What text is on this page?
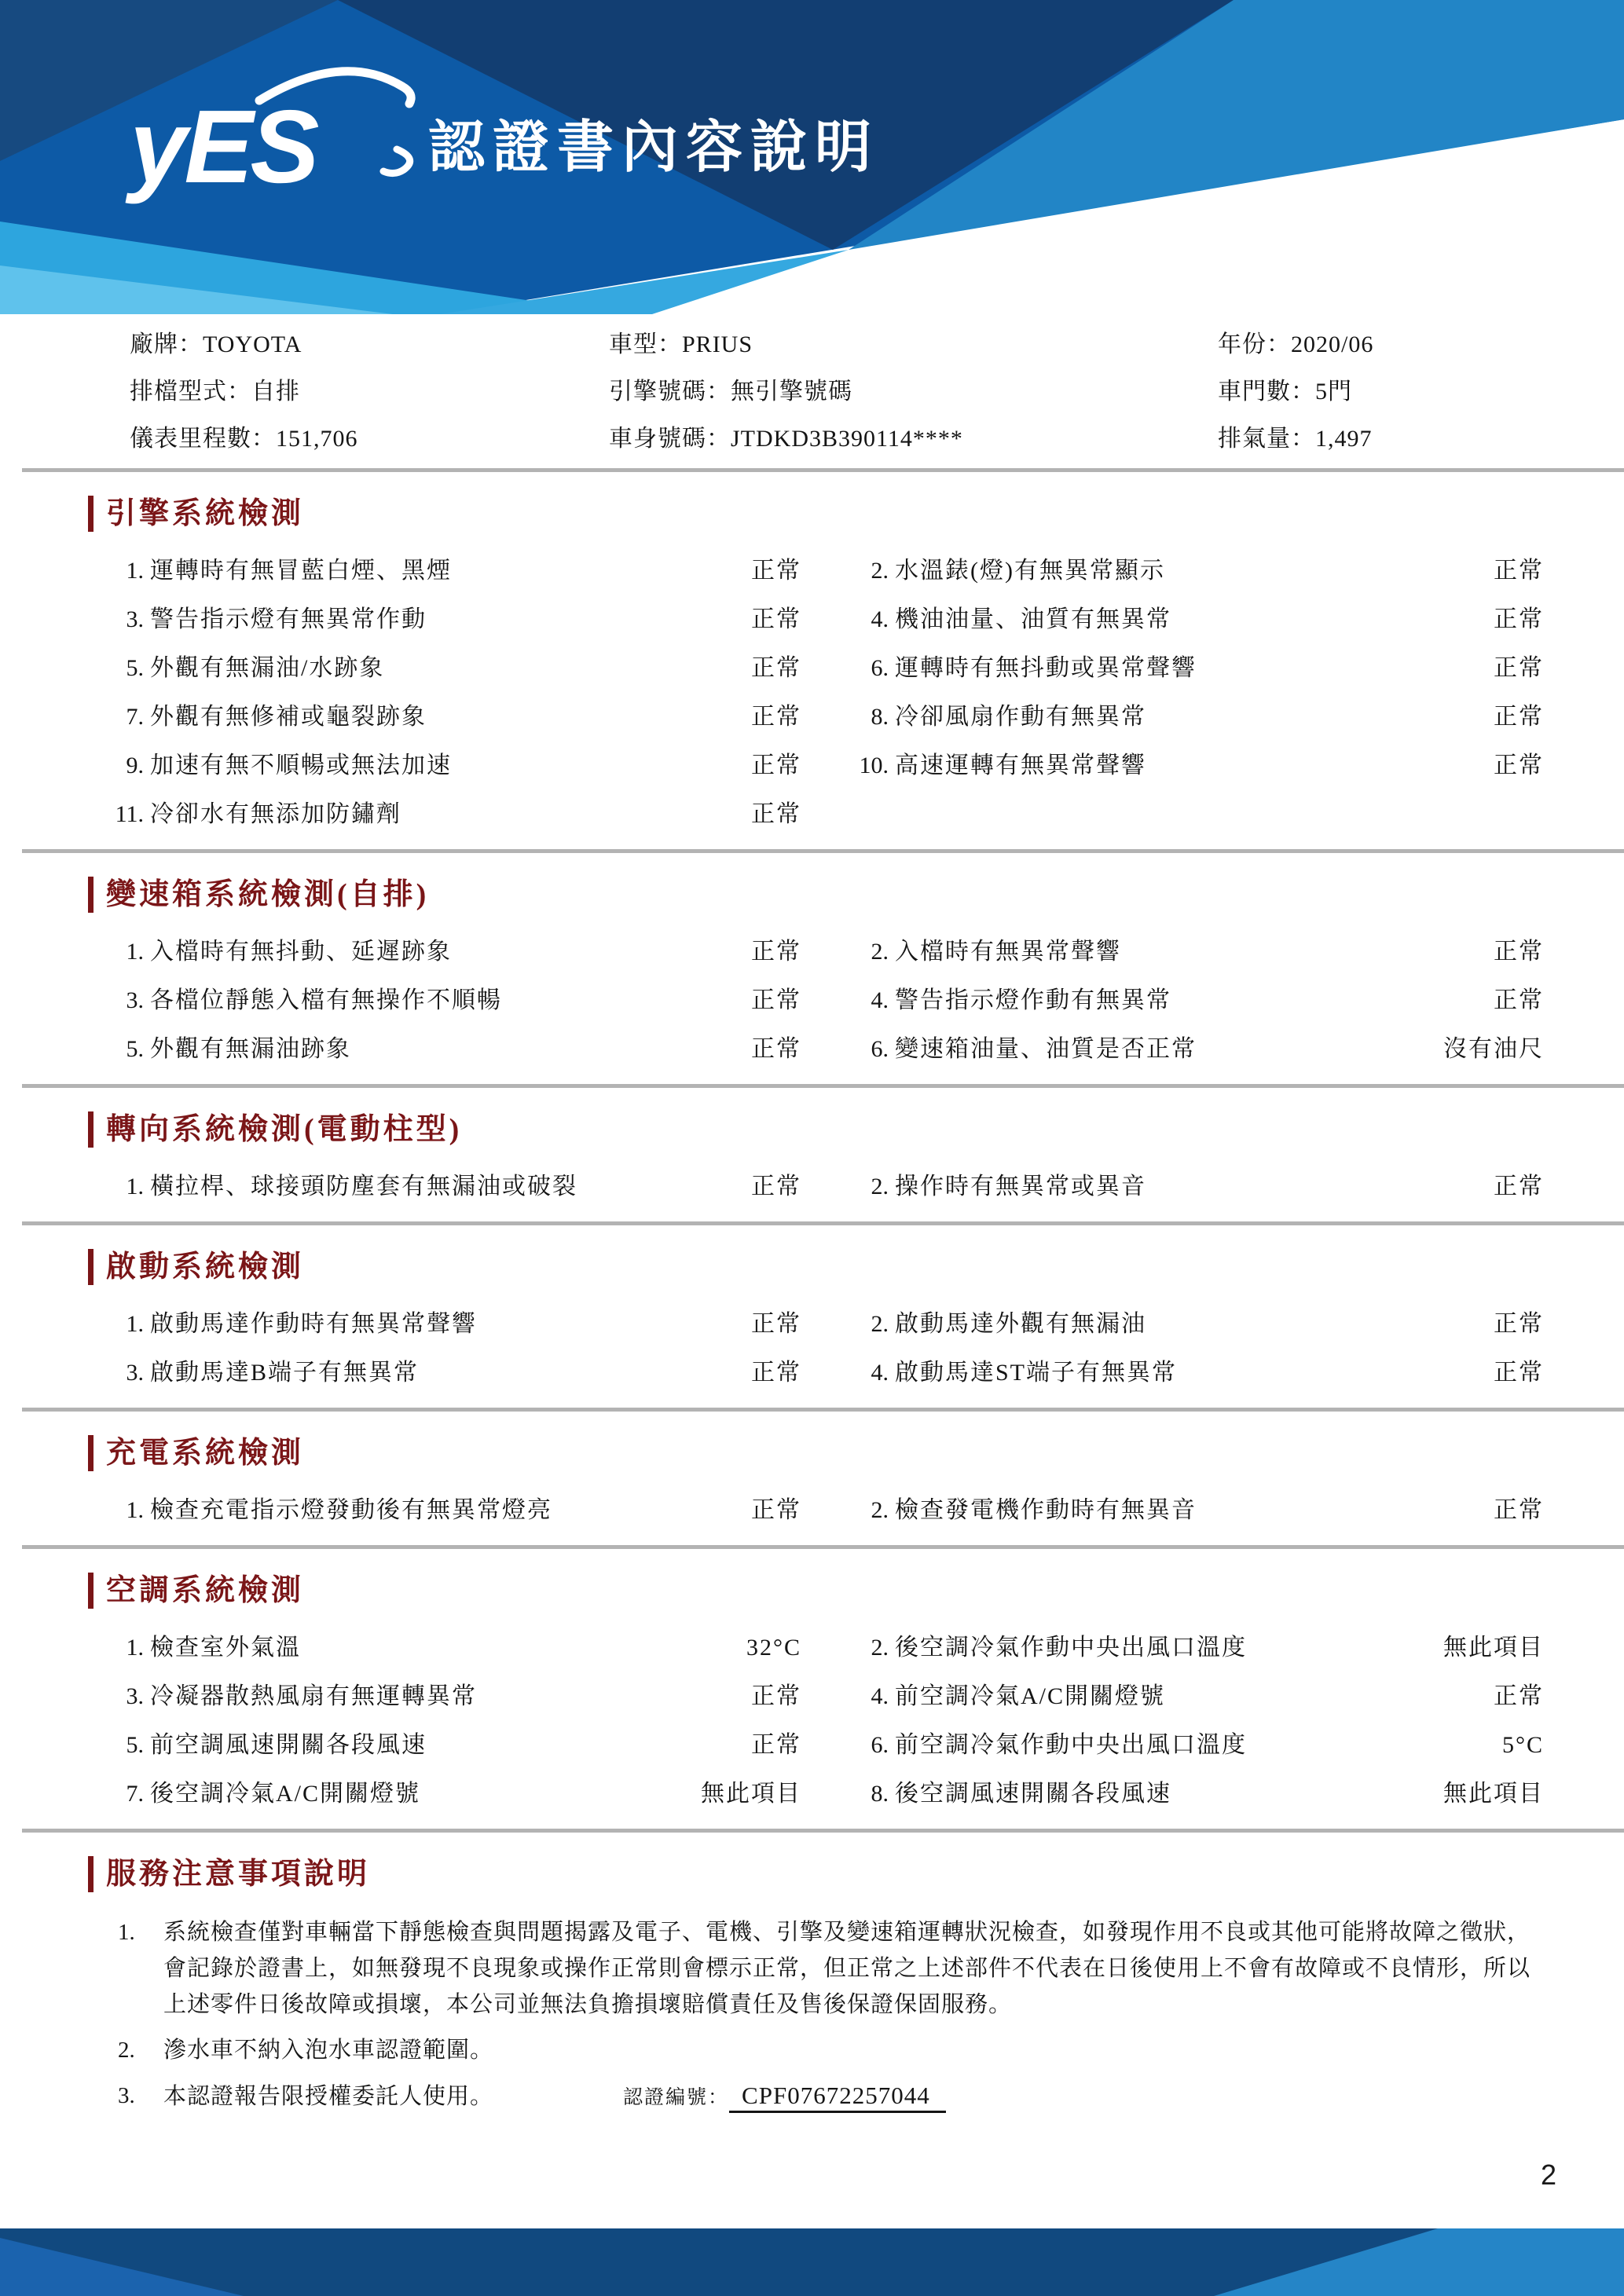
yES 認證書內容說明
廠牌：TOYOTA	車型：PRIUS	年份：2020/06
排檔型式：自排	引擎號碼：無引擎號碼	車門數：5門
儀表里程數：151,706	車身號碼：JTDKD3B390114****	排氣量：1,497
引擎系統檢測
1. 運轉時有無冒藍白煙、黑煙	正常	2. 水溫錶(燈)有無異常顯示	正常
3. 警告指示燈有無異常作動	正常	4. 機油油量、油質有無異常	正常
5. 外觀有無漏油/水跡象	正常	6. 運轉時有無抖動或異常聲響	正常
7. 外觀有無修補或龜裂跡象	正常	8. 冷卻風扇作動有無異常	正常
9. 加速有無不順暢或無法加速	正常	10. 高速運轉有無異常聲響	正常
11. 冷卻水有無添加防鏽劑	正常
變速箱系統檢測(自排)
1. 入檔時有無抖動、延遲跡象	正常	2. 入檔時有無異常聲響	正常
3. 各檔位靜態入檔有無操作不順暢	正常	4. 警告指示燈作動有無異常	正常
5. 外觀有無漏油跡象	正常	6. 變速箱油量、油質是否正常	沒有油尺
轉向系統檢測(電動柱型)
1. 橫拉桿、球接頭防塵套有無漏油或破裂	正常	2. 操作時有無異常或異音	正常
啟動系統檢測
1. 啟動馬達作動時有無異常聲響	正常	2. 啟動馬達外觀有無漏油	正常
3. 啟動馬達B端子有無異常	正常	4. 啟動馬達ST端子有無異常	正常
充電系統檢測
1. 檢查充電指示燈發動後有無異常燈亮	正常	2. 檢查發電機作動時有無異音	正常
空調系統檢測
1. 檢查室外氣溫	32°C	2. 後空調冷氣作動中央出風口溫度	無此項目
3. 冷凝器散熱風扇有無運轉異常	正常	4. 前空調冷氣A/C開關燈號	正常
5. 前空調風速開關各段風速	正常	6. 前空調冷氣作動中央出風口溫度	5°C
7. 後空調冷氣A/C開關燈號	無此項目	8. 後空調風速開關各段風速	無此項目
服務注意事項說明
1.	系統檢查僅對車輛當下靜態檢查與問題揭露及電子、電機、引擎及變速箱運轉狀況檢查，如發現作用不良或其他可能將故障之徵狀，會記錄於證書上，如無發現不良現象或操作正常則會標示正常，但正常之上述部件不代表在日後使用上不會有故障或不良情形，所以上述零件日後故障或損壞，本公司並無法負擔損壞賠償責任及售後保證保固服務。
2.	滲水車不納入泡水車認證範圍。
3.	本認證報告限授權委託人使用。	認證編號： CPF07672257044
2
